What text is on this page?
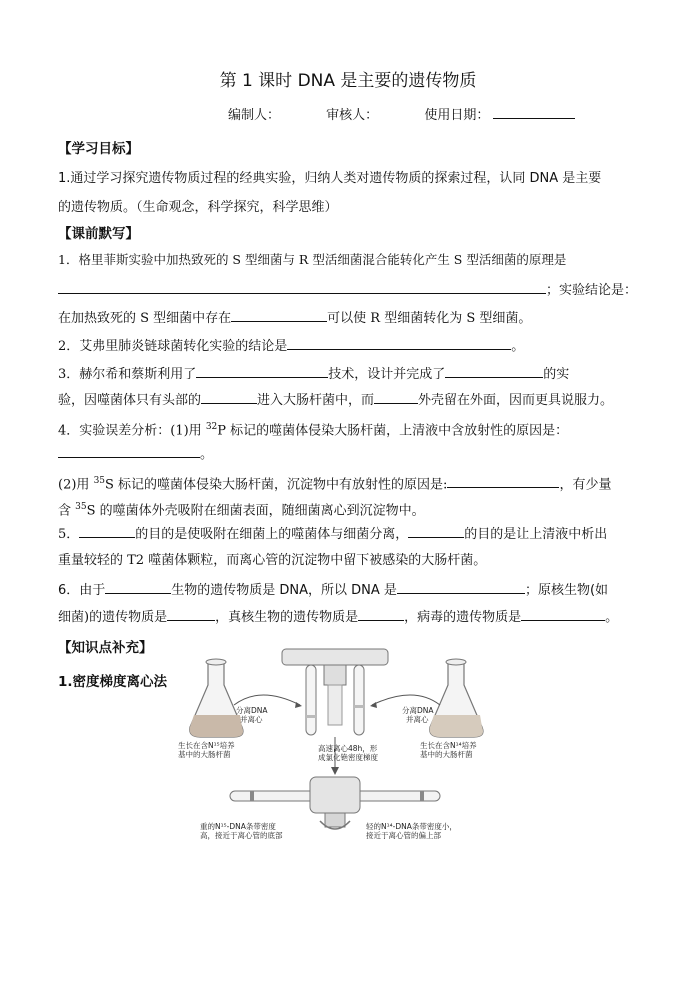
第 1 课时 DNA 是主要的遗传物质
编制人：	审核人：	使用日期：
【学习目标】
1.通过学习探究遗传物质过程的经典实验，归纳人类对遗传物质的探索过程，认同 DNA 是主要
的遗传物质。（生命观念，科学探究，科学思维）
【课前默写】
1．格里菲斯实验中加热致死的 S 型细菌与 R 型活细菌混合能转化产生 S 型活细菌的原理是
；实验结论是：
在加热致死的 S 型细菌中存在	可以使 R 型细菌转化为 S 型细菌。
2．艾弗里肺炎链球菌转化实验的结论是	。
3．赫尔希和蔡斯利用了	技术，设计并完成了	的实
验，因噬菌体只有头部的	进入大肠杆菌中，而	外壳留在外面，因而更具说服力。
4．实验误差分析：(1)用 $^{32}$P 标记的噬菌体侵染大肠杆菌，上清液中含放射性的原因是：
。
(2)用 $^{35}$S 标记的噬菌体侵染大肠杆菌，沉淀物中有放射性的原因是:	，有少量
含 $^{35}$S 的噬菌体外壳吸附在细菌表面，随细菌离心到沉淀物中。
5．	的目的是使吸附在细菌上的噬菌体与细菌分离，	的目的是让上清液中析出
重量较轻的 T2 噬菌体颗粒，而离心管的沉淀物中留下被感染的大肠杆菌。
6．由于	生物的遗传物质是 DNA，所以 DNA 是	；原核生物(如
细菌)的遗传物质是	，真核生物的遗传物质是	，病毒的遗传物质是	。
【知识点补充】
1.密度梯度离心法
分离DNA
并离心
分离DNA
并离心
生长在含N¹⁵培养
基中的大肠杆菌
生长在含N¹⁴培养
基中的大肠杆菌
高速离心48h，形
成氯化铯密度梯度
重的N¹⁵-DNA条带密度
高，接近于离心管的底部
轻的N¹⁴-DNA条带密度小，
接近于离心管的偏上部
